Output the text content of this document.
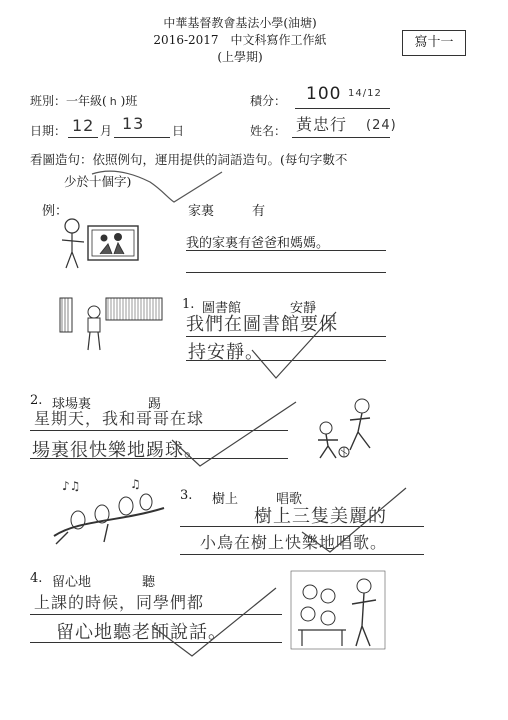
中華基督教會基法小學(油塘)
2016-2017　中文科寫作工作紙
(上學期)
寫十一
班別：一年級( h )班	積分： 100 14/12
日期： 12 月 13 日	姓名： 黃忠行 (24)
看圖造句：依照例句，運用提供的詞語造句。(每句字數不
少於十個字)
例：	家裏	有
我的家裏有爸爸和媽媽。
1. 圖書館	安靜
我們在圖書館要保
持安靜。
2. 球場裏	踢
星期天，我和哥哥在球
場裏很快樂地踢球。
♪♫	♫
3. 樹上	唱歌
樹上三隻美麗的
小鳥在樹上快樂地唱歌。
4. 留心地	聽
上課的時候，同學們都
留心地聽老師說話。
